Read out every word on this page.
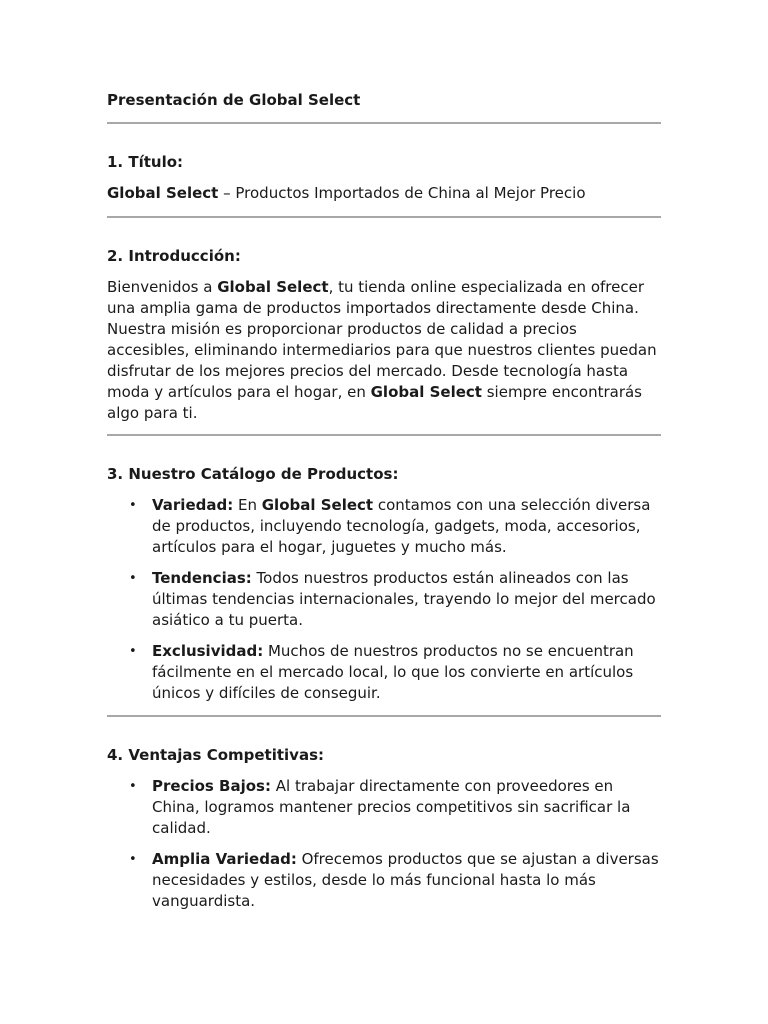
Presentación de Global Select

1. Título:

Global Select – Productos Importados de China al Mejor Precio

2. Introducción:

Bienvenidos a Global Select, tu tienda online especializada en ofrecer una amplia gama de productos importados directamente desde China. Nuestra misión es proporcionar productos de calidad a precios accesibles, eliminando intermediarios para que nuestros clientes puedan disfrutar de los mejores precios del mercado. Desde tecnología hasta moda y artículos para el hogar, en Global Select siempre encontrarás algo para ti.

3. Nuestro Catálogo de Productos:

• Variedad: En Global Select contamos con una selección diversa de productos, incluyendo tecnología, gadgets, moda, accesorios, artículos para el hogar, juguetes y mucho más.
• Tendencias: Todos nuestros productos están alineados con las últimas tendencias internacionales, trayendo lo mejor del mercado asiático a tu puerta.
• Exclusividad: Muchos de nuestros productos no se encuentran fácilmente en el mercado local, lo que los convierte en artículos únicos y difíciles de conseguir.

4. Ventajas Competitivas:

• Precios Bajos: Al trabajar directamente con proveedores en China, logramos mantener precios competitivos sin sacrificar la calidad.
• Amplia Variedad: Ofrecemos productos que se ajustan a diversas necesidades y estilos, desde lo más funcional hasta lo más vanguardista.
